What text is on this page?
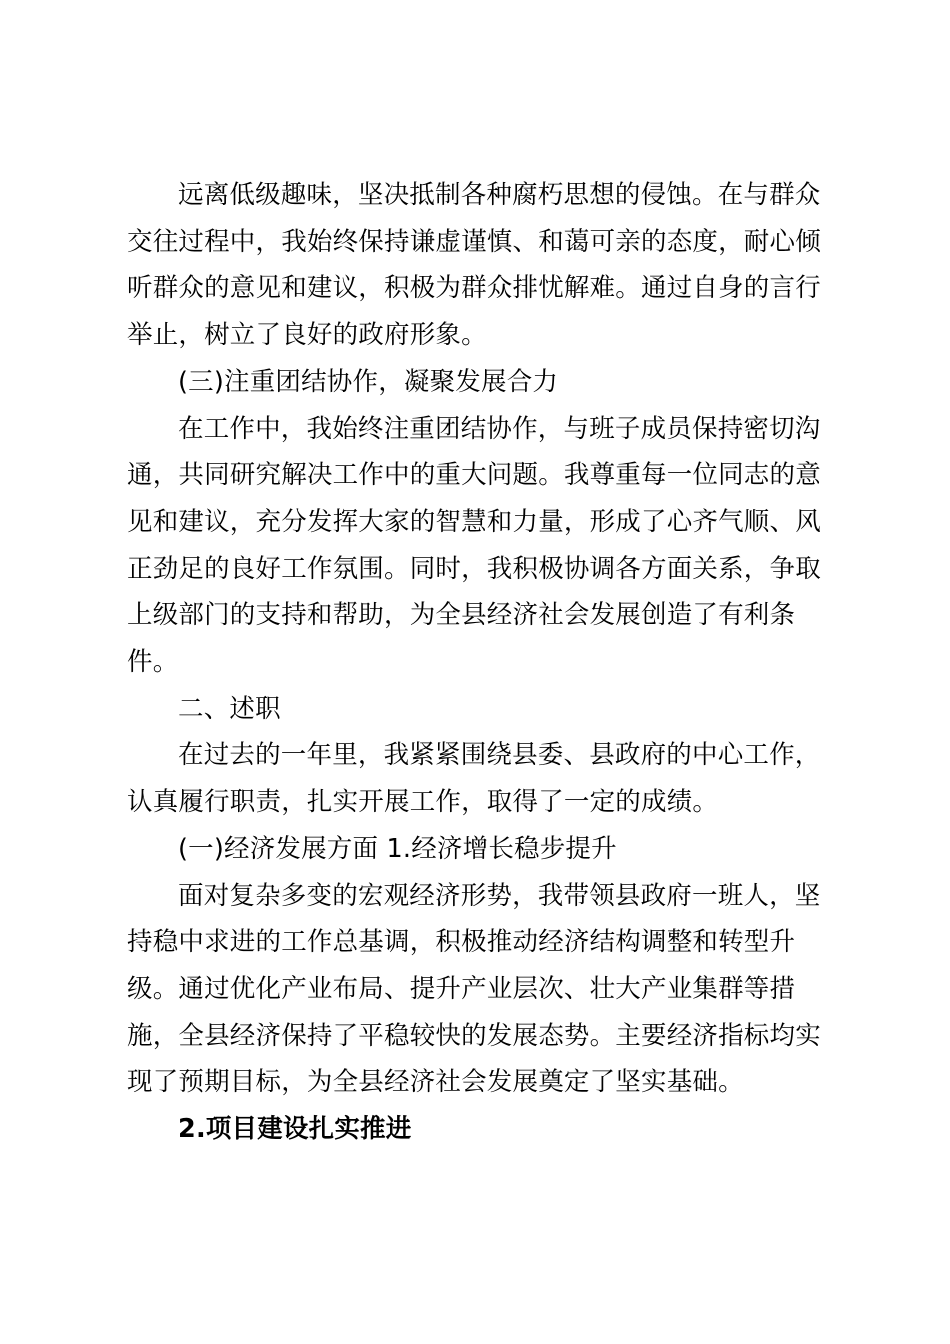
远离低级趣味，坚决抵制各种腐朽思想的侵蚀。在与群众
交往过程中，我始终保持谦虚谨慎、和蔼可亲的态度，耐心倾
听群众的意见和建议，积极为群众排忧解难。通过自身的言行
举止，树立了良好的政府形象。

(三)注重团结协作，凝聚发展合力

在工作中，我始终注重团结协作，与班子成员保持密切沟
通，共同研究解决工作中的重大问题。我尊重每一位同志的意
见和建议，充分发挥大家的智慧和力量，形成了心齐气顺、风
正劲足的良好工作氛围。同时，我积极协调各方面关系，争取
上级部门的支持和帮助，为全县经济社会发展创造了有利条
件。

二、述职

在过去的一年里，我紧紧围绕县委、县政府的中心工作，
认真履行职责，扎实开展工作，取得了一定的成绩。

(一)经济发展方面 1.经济增长稳步提升

面对复杂多变的宏观经济形势，我带领县政府一班人，坚
持稳中求进的工作总基调，积极推动经济结构调整和转型升
级。通过优化产业布局、提升产业层次、壮大产业集群等措
施，全县经济保持了平稳较快的发展态势。主要经济指标均实
现了预期目标，为全县经济社会发展奠定了坚实基础。

2.项目建设扎实推进
